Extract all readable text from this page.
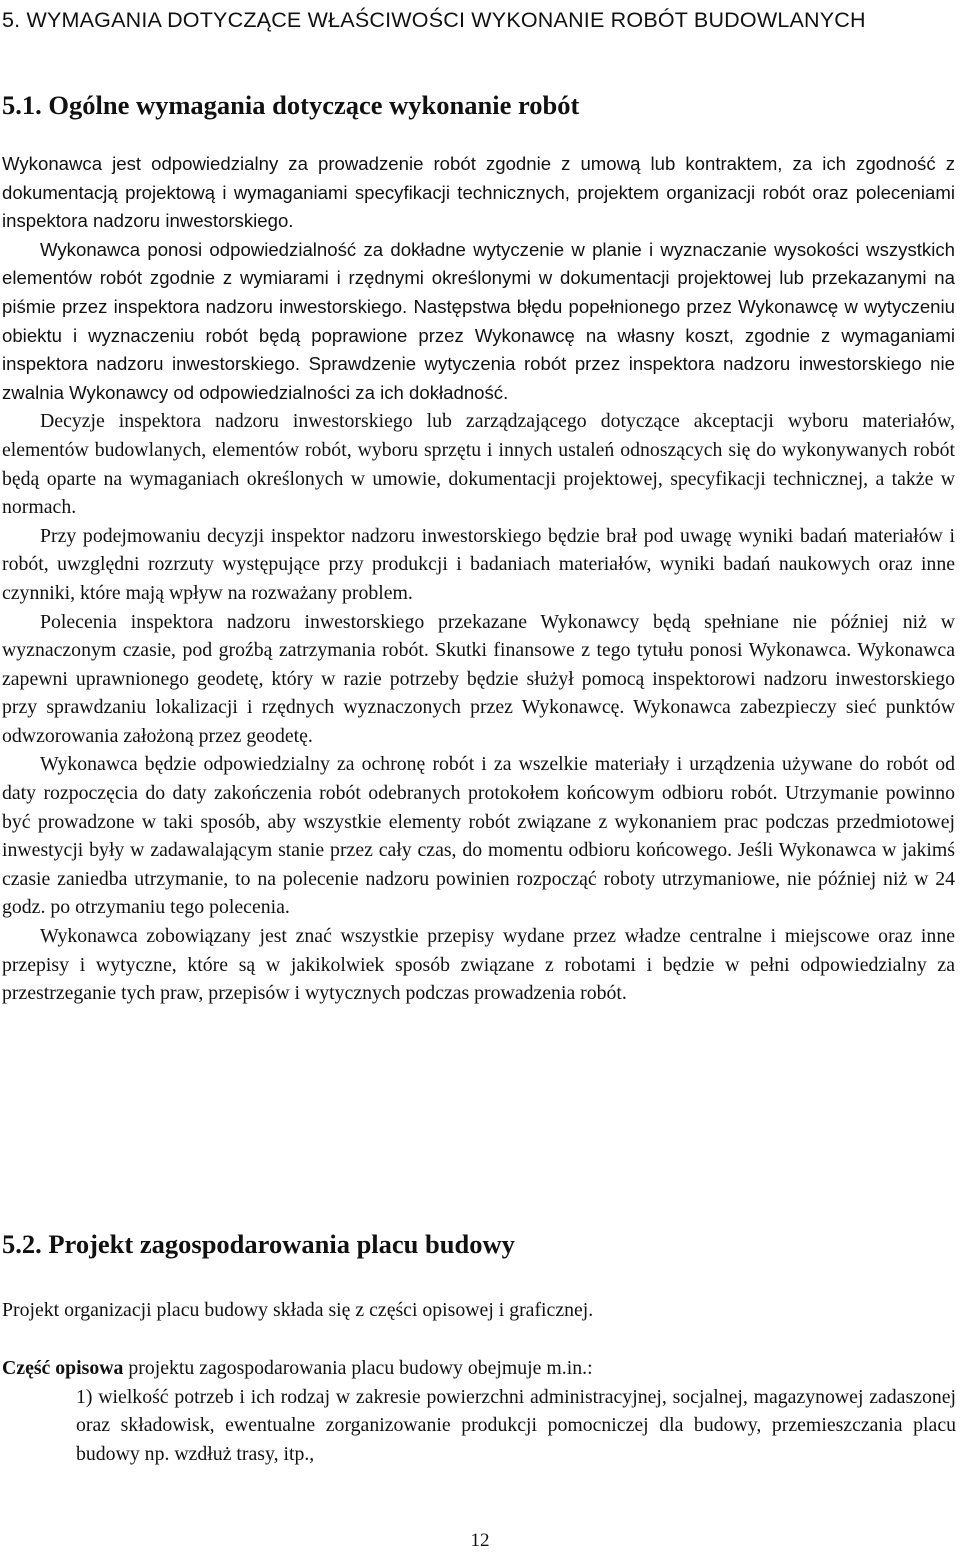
5. WYMAGANIA DOTYCZĄCE WŁAŚCIWOŚCI WYKONANIE ROBÓT BUDOWLANYCH
5.1. Ogólne wymagania dotyczące wykonanie robót

Wykonawca jest odpowiedzialny za prowadzenie robót zgodnie z umową lub kontraktem, za ich zgodność z dokumentacją projektową i wymaganiami specyfikacji technicznych, projektem organizacji robót oraz poleceniami inspektora nadzoru inwestorskiego.

Wykonawca ponosi odpowiedzialność za dokładne wytyczenie w planie i wyznaczanie wysokości wszystkich elementów robót zgodnie z wymiarami i rzędnymi określonymi w dokumentacji projektowej lub przekazanymi na piśmie przez inspektora nadzoru inwestorskiego. Następstwa błędu popełnionego przez Wykonawcę w wytyczeniu obiektu i wyznaczeniu robót będą poprawione przez Wykonawcę na własny koszt, zgodnie z wymaganiami inspektora nadzoru inwestorskiego. Sprawdzenie wytyczenia robót przez inspektora nadzoru inwestorskiego nie zwalnia Wykonawcy od odpowiedzialności za ich dokładność.

Decyzje inspektora nadzoru inwestorskiego lub zarządzającego dotyczące akceptacji wyboru materiałów, elementów budowlanych, elementów robót, wyboru sprzętu i innych ustaleń odnoszących się do wykonywanych robót będą oparte na wymaganiach określonych w umowie, dokumentacji projektowej, specyfikacji technicznej, a także w normach.

Przy podejmowaniu decyzji inspektor nadzoru inwestorskiego będzie brał pod uwagę wyniki badań materiałów i robót, uwzględni rozrzuty występujące przy produkcji i badaniach materiałów, wyniki badań naukowych oraz inne czynniki, które mają wpływ na rozważany problem.

Polecenia inspektora nadzoru inwestorskiego przekazane Wykonawcy będą spełniane nie później niż w wyznaczonym czasie, pod groźbą zatrzymania robót. Skutki finansowe z tego tytułu ponosi Wykonawca. Wykonawca zapewni uprawnionego geodetę, który w razie potrzeby będzie służył pomocą inspektorowi nadzoru inwestorskiego przy sprawdzaniu lokalizacji i rzędnych wyznaczonych przez Wykonawcę. Wykonawca zabezpieczy sieć punktów odwzorowania założoną przez geodetę.

Wykonawca będzie odpowiedzialny za ochronę robót i za wszelkie materiały i urządzenia używane do robót od daty rozpoczęcia do daty zakończenia robót odebranych protokołem końcowym odbioru robót. Utrzymanie powinno być prowadzone w taki sposób, aby wszystkie elementy robót związane z wykonaniem prac podczas przedmiotowej inwestycji były w zadawalającym stanie przez cały czas, do momentu odbioru końcowego. Jeśli Wykonawca w jakimś czasie zaniedba utrzymanie, to na polecenie nadzoru powinien rozpocząć roboty utrzymaniowe, nie później niż w 24 godz. po otrzymaniu tego polecenia.

Wykonawca zobowiązany jest znać wszystkie przepisy wydane przez władze centralne i miejscowe oraz inne przepisy i wytyczne, które są w jakikolwiek sposób związane z robotami i będzie w pełni odpowiedzialny za przestrzeganie tych praw, przepisów i wytycznych podczas prowadzenia robót.

5.2. Projekt zagospodarowania placu budowy

Projekt organizacji placu budowy składa się z części opisowej i graficznej.

Część opisowa projektu zagospodarowania placu budowy obejmuje m.in.:

1) wielkość potrzeb i ich rodzaj w zakresie powierzchni administracyjnej, socjalnej, magazynowej zadaszonej oraz składowisk, ewentualne zorganizowanie produkcji pomocniczej dla budowy, przemieszczania placu budowy np. wzdłuż trasy, itp.,
12
